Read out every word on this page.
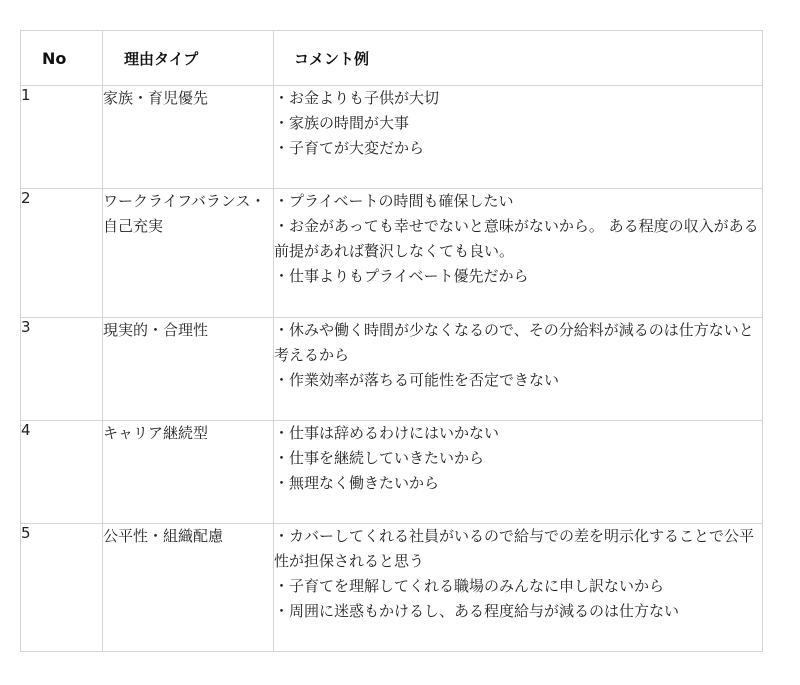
No	理由タイプ	コメント例
1	家族・育児優先	・お金よりも子供が大切
・家族の時間が大事
・子育てが大変だから

2	ワークライフバランス・自己充実	・プライベートの時間も確保したい
・お金があっても幸せでないと意味がないから。 ある程度の収入がある前提があれば贅沢しなくても良い。
・仕事よりもプライベート優先だから

3	現実的・合理性	・休みや働く時間が少なくなるので、その分給料が減るのは仕方ないと考えるから
・作業効率が落ちる可能性を否定できない

4	キャリア継続型	・仕事は辞めるわけにはいかない
・仕事を継続していきたいから
・無理なく働きたいから

5	公平性・組織配慮	・カバーしてくれる社員がいるので給与での差を明示化することで公平性が担保されると思う
・子育てを理解してくれる職場のみんなに申し訳ないから
・周囲に迷惑もかけるし、ある程度給与が減るのは仕方ない
